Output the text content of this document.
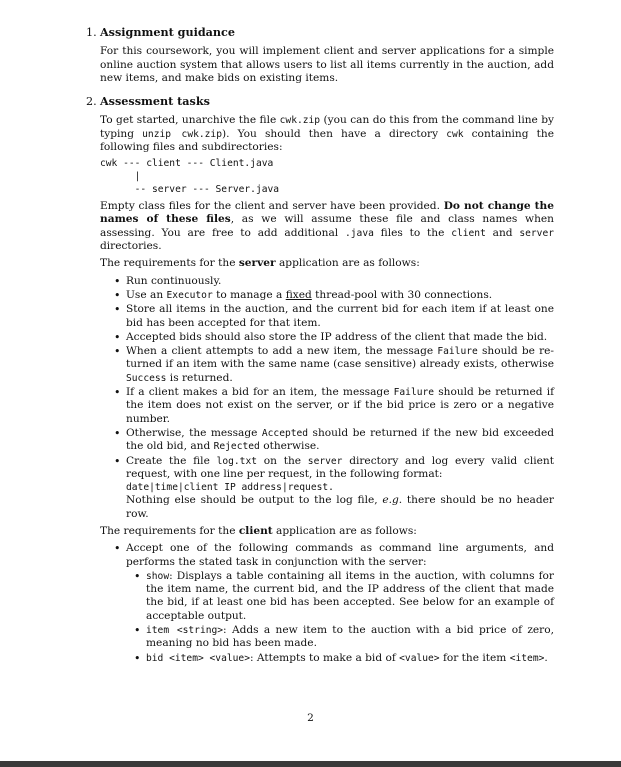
1. Assignment guidance
For this coursework, you will implement client and server applications for a simple online auction system that allows users to list all items currently in the auction, add new items, and make bids on existing items.
2. Assessment tasks
To get started, unarchive the file cwk.zip (you can do this from the command line by typing unzip cwk.zip). You should then have a directory cwk containing the following files and subdirectories:
cwk --- client --- Client.java
|
-- server --- Server.java
Empty class files for the client and server have been provided. Do not change the names of these files, as we will assume these file and class names when assessing. You are free to add additional .java files to the client and server directories.
The requirements for the server application are as follows:
• Run continuously.
• Use an Executor to manage a fixed thread-pool with 30 connections.
• Store all items in the auction, and the current bid for each item if at least one bid has been accepted for that item.
• Accepted bids should also store the IP address of the client that made the bid.
• When a client attempts to add a new item, the message Failure should be re-turned if an item with the same name (case sensitive) already exists, otherwise Success is returned.
• If a client makes a bid for an item, the message Failure should be returned if the item does not exist on the server, or if the bid price is zero or a negative number.
• Otherwise, the message Accepted should be returned if the new bid exceeded the old bid, and Rejected otherwise.
• Create the file log.txt on the server directory and log every valid client request, with one line per request, in the following format:
date|time|client IP address|request.
Nothing else should be output to the log file, e.g. there should be no header row.
The requirements for the client application are as follows:
• Accept one of the following commands as command line arguments, and performs the stated task in conjunction with the server:
• show: Displays a table containing all items in the auction, with columns for the item name, the current bid, and the IP address of the client that made the bid, if at least one bid has been accepted. See below for an example of acceptable output.
• item <string>: Adds a new item to the auction with a bid price of zero, meaning no bid has been made.
• bid <item> <value>: Attempts to make a bid of <value> for the item <item>.
2
